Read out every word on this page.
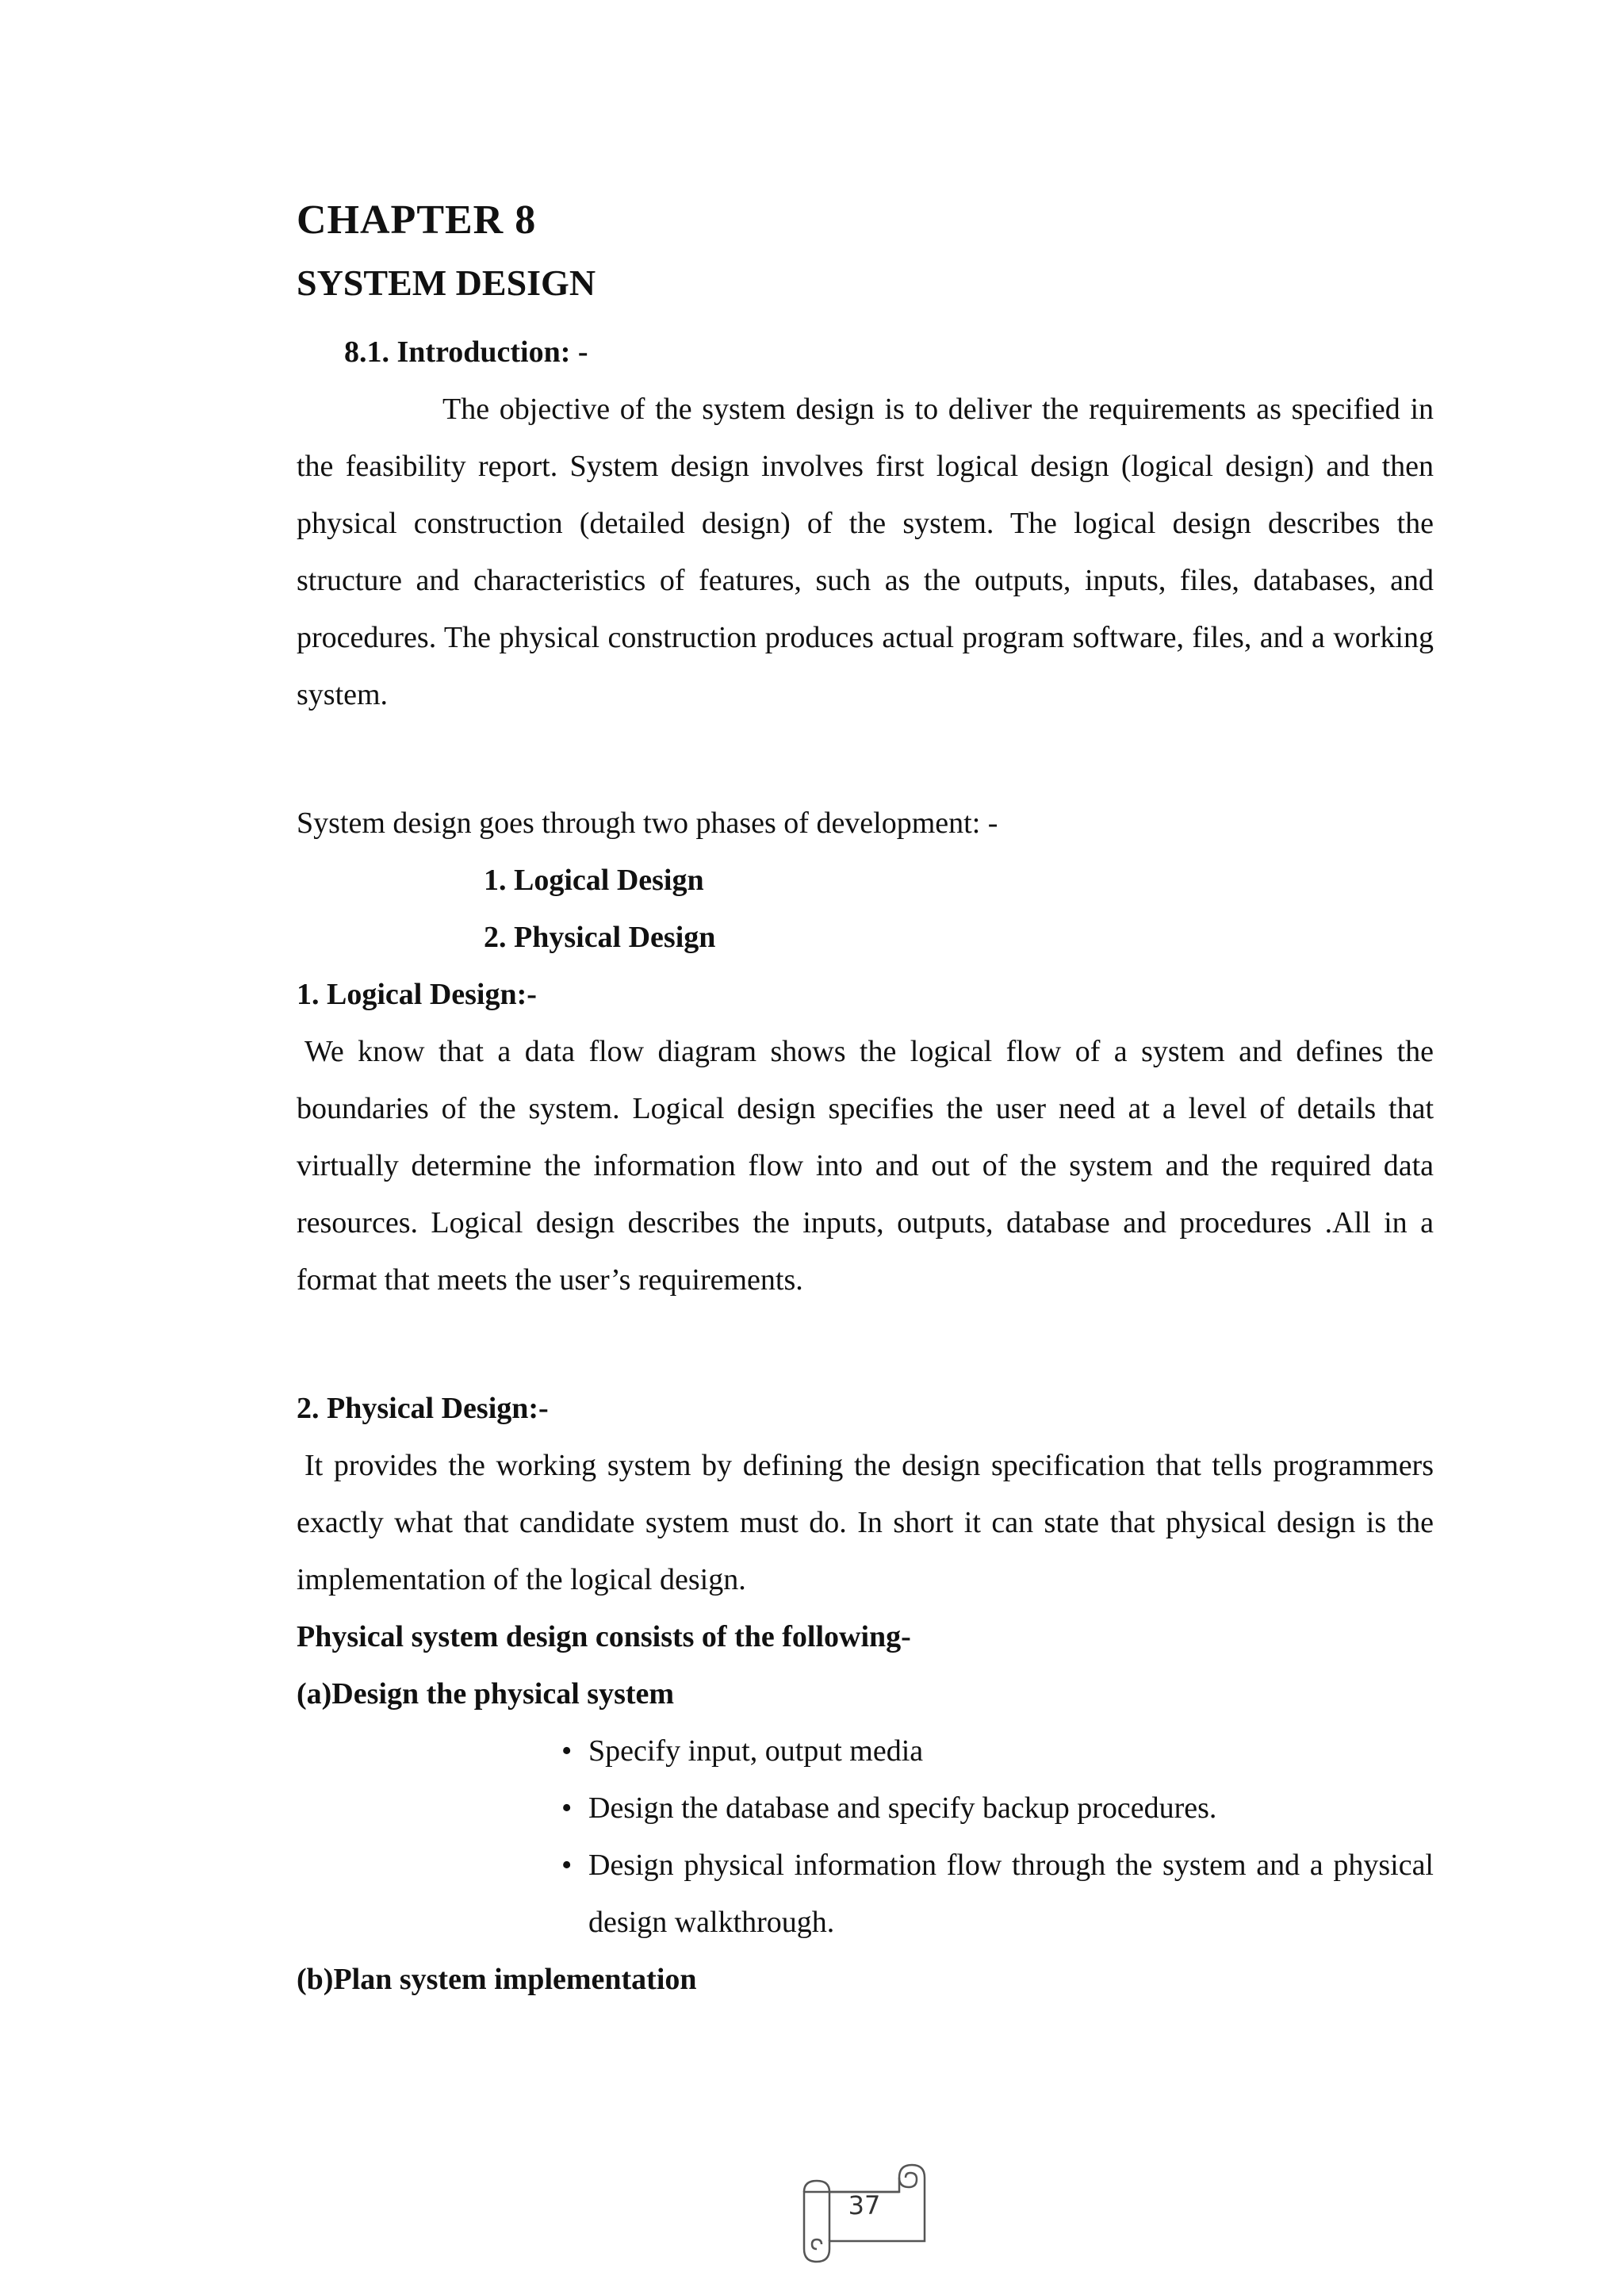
CHAPTER 8
SYSTEM DESIGN

8.1. Introduction: -

The objective of the system design is to deliver the requirements as specified in the feasibility report. System design involves first logical design (logical design) and then physical construction (detailed design) of the system. The logical design describes the structure and characteristics of features, such as the outputs, inputs, files, databases, and procedures. The physical construction produces actual program software, files, and a working system.

System design goes through two phases of development: -

1. Logical Design
2. Physical Design

1. Logical Design:-

We know that a data flow diagram shows the logical flow of a system and defines the boundaries of the system. Logical design specifies the user need at a level of details that virtually determine the information flow into and out of the system and the required data resources. Logical design describes the inputs, outputs, database and procedures .All in a format that meets the user’s requirements.

2. Physical Design:-

It provides the working system by defining the design specification that tells programmers exactly what that candidate system must do. In short it can state that physical design is the implementation of the logical design.

Physical system design consists of the following-

(a)Design the physical system

• Specify input, output media
• Design the database and specify backup procedures.
• Design physical information flow through the system and a physical design walkthrough.

(b)Plan system implementation

37
